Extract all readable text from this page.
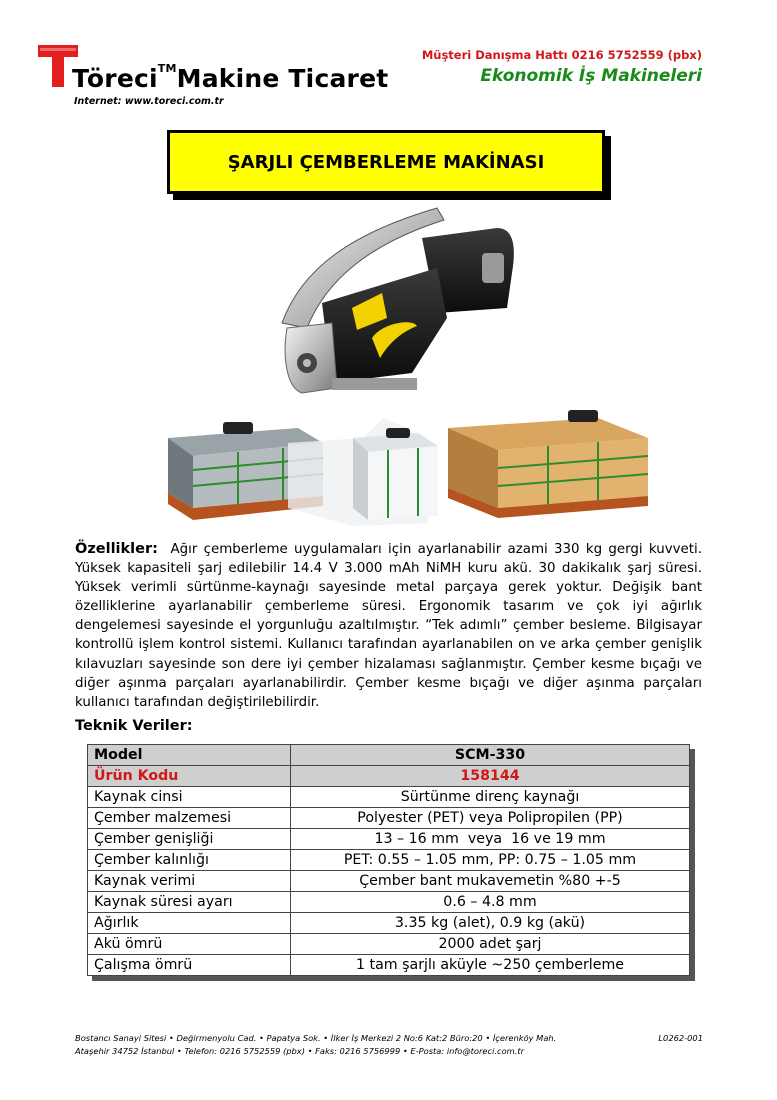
Töreci™Makine Ticaret
Internet: www.toreci.com.tr
Müşteri Danışma Hattı 0216 5752559 (pbx)
Ekonomik İş Makineleri
ŞARJLI ÇEMBERLEME MAKİNASI
Özellikler: Ağır çemberleme uygulamaları için ayarlanabilir azami 330 kg gergi kuvveti. Yüksek kapasiteli şarj edilebilir 14.4 V 3.000 mAh NiMH kuru akü. 30 dakikalık şarj süresi. Yüksek verimli sürtünme-kaynağı sayesinde metal parçaya gerek yoktur. Değişik bant özelliklerine ayarlanabilir çemberleme süresi. Ergonomik tasarım ve çok iyi ağırlık dengelemesi sayesinde el yorgunluğu azaltılmıştır. “Tek adımlı” çember besleme. Bilgisayar kontrollü işlem kontrol sistemi. Kullanıcı tarafından ayarlanabilen on ve arka çember genişlik kılavuzları sayesinde son dere iyi çember hizalaması sağlanmıştır. Çember kesme bıçağı ve diğer aşınma parçaları ayarlanabilirdir. Çember kesme bıçağı ve diğer aşınma parçaları kullanıcı tarafından değiştirilebilirdir.
Teknik Veriler:
Model	SCM-330
Ürün Kodu	158144
Kaynak cinsi	Sürtünme direnç kaynağı
Çember malzemesi	Polyester (PET) veya Polipropilen (PP)
Çember genişliği	13 – 16 mm  veya  16 ve 19 mm
Çember kalınlığı	PET: 0.55 – 1.05 mm, PP: 0.75 – 1.05 mm
Kaynak verimi	Çember bant mukavemetin %80 +-5
Kaynak süresi ayarı	0.6 – 4.8 mm
Ağırlık	3.35 kg (alet), 0.9 kg (akü)
Akü ömrü	2000 adet şarj
Çalışma ömrü	1 tam şarjlı aküyle ~250 çemberleme
Bostancı Sanayi Sitesi • Değirmenyolu Cad. • Papatya Sok. • İlker İş Merkezi 2 No:6 Kat:2 Büro:20 • İçerenköy Mah.
Ataşehir 34752 İstanbul • Telefon: 0216 5752559 (pbx) • Faks: 0216 5756999 • E-Posta: info@toreci.com.tr
L0262-001
